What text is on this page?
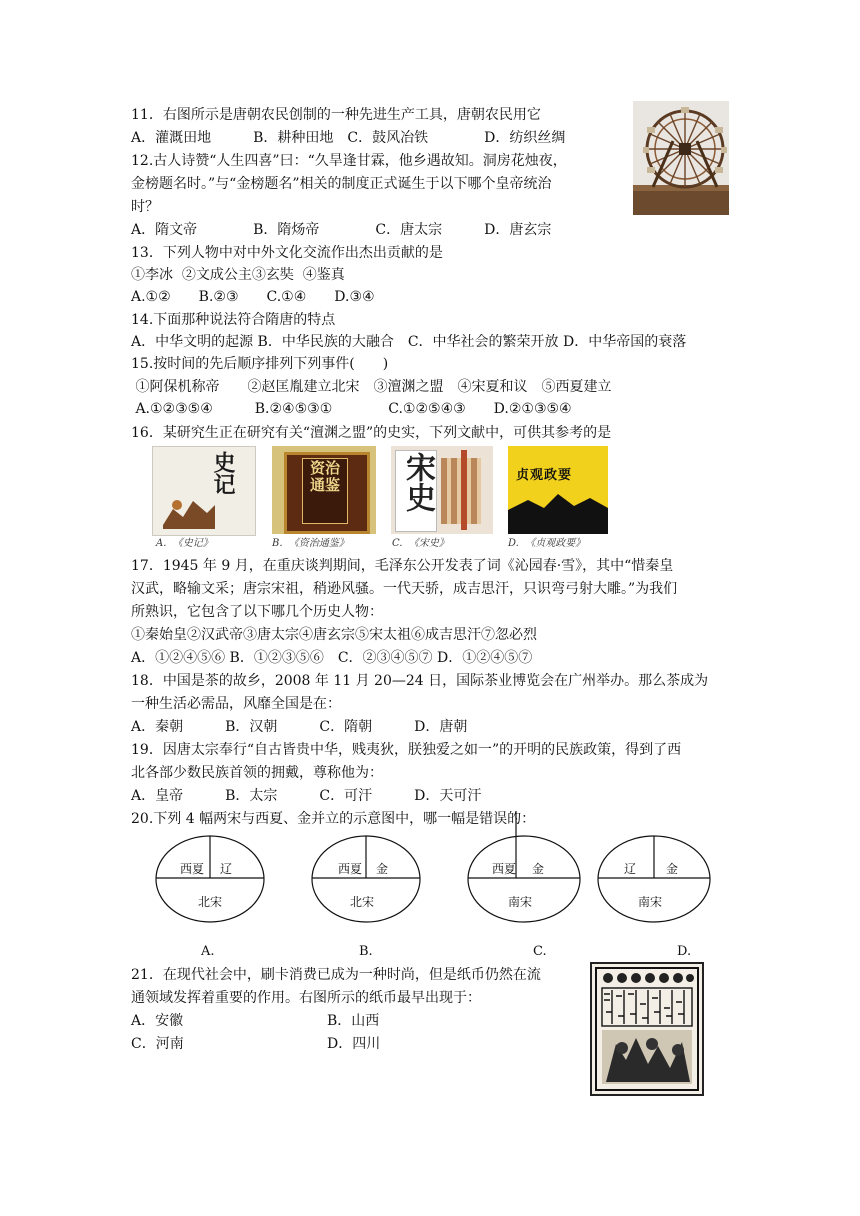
11．右图所示是唐朝农民创制的一种先进生产工具，唐朝农民用它
A．灌溉田地　　　B．耕种田地　C．鼓风冶铁　　　　D．纺织丝绸
12.古人诗赞“人生四喜”曰：“久旱逢甘霖，他乡遇故知。洞房花烛夜，
金榜题名时。”与“金榜题名”相关的制度正式诞生于以下哪个皇帝统治
时？
A．隋文帝　　　　B．隋炀帝　　　　C．唐太宗　　　D．唐玄宗
13．下列人物中对中外文化交流作出杰出贡献的是
①李冰  ②文成公主③玄奘  ④鉴真
A.①②　　B.②③　　C.①④　　D.③④
14.下面那种说法符合隋唐的特点
A．中华文明的起源 B．中华民族的大融合　C．中华社会的繁荣开放 D．中华帝国的衰落
15.按时间的先后顺序排列下列事件(　　)
①阿保机称帝　　②赵匡胤建立北宋　③澶渊之盟　④宋夏和议　⑤西夏建立
A.①②③⑤④　　　B.②④⑤③①　　　　C.①②⑤④③　　D.②①③⑤④
16．某研究生正在研究有关“澶渊之盟”的史实，下列文献中，可供其参考的是
史记	资治通鉴 宋史	贞观政要
A.  《史记》	B.  《资治通鉴》	C.  《宋史》	D.  《贞观政要》
17．1945 年 9 月，在重庆谈判期间，毛泽东公开发表了词《沁园春·雪》，其中“惜秦皇
汉武，略输文采；唐宗宋祖，稍逊风骚。一代天骄，成吉思汗，只识弯弓射大雕。”为我们
所熟识，它包含了以下哪几个历史人物：
①秦始皇②汉武帝③唐太宗④唐玄宗⑤宋太祖⑥成吉思汗⑦忽必烈
A．①②④⑤⑥ B．①②③⑤⑥　C．②③④⑤⑦ D．①②④⑤⑦
18．中国是茶的故乡，2008 年 11 月 20—24 日，国际茶业博览会在广州举办。那么茶成为
一种生活必需品，风靡全国是在：
A．秦朝　　　B．汉朝　　　C．隋朝　　　D．唐朝
19．因唐太宗奉行“自古皆贵中华，贱夷狄，朕独爱之如一”的开明的民族政策，得到了西
北各部少数民族首领的拥戴，尊称他为：
A．皇帝　　　B．太宗　　　C．可汗　　　D．天可汗
20.下列 4 幅两宋与西夏、金并立的示意图中，哪一幅是错误的：
西夏 辽
北宋
西夏 金
北宋
西夏 金
南宋
辽 金
南宋
A.	B.	C.	D.
21．在现代社会中，刷卡消费已成为一种时尚，但是纸币仍然在流
通领域发挥着重要的作用。右图所示的纸币最早出现于：
A．安徽	B．山西
C．河南	D．四川
